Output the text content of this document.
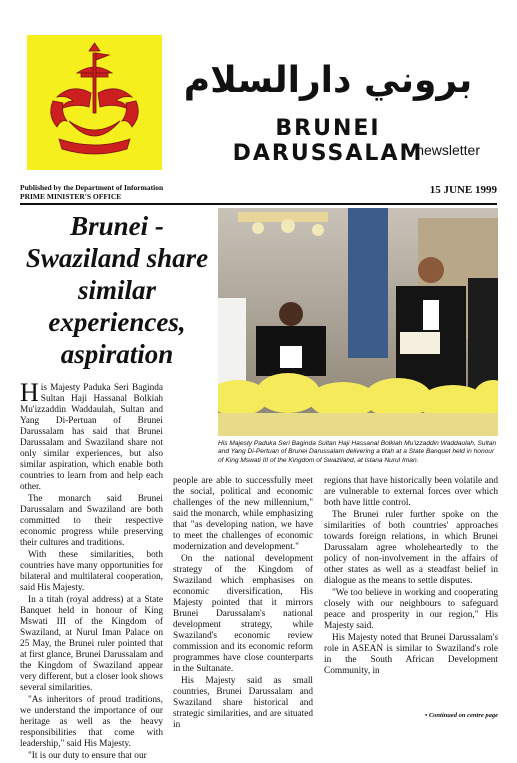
بروني دارالسلام
BRUNEI DARUSSALAM
newsletter
Published by the Department of Information
PRIME MINISTER'S OFFICE
15 JUNE 1999
Brunei - Swaziland share similar experiences, aspiration
His Majesty Paduka Seri Baginda Sultan Haji Hassanal Bolkiah Mu'izzaddin Waddaulah, Sultan and Yang Di-Pertuan of Brunei Darussalam delivering a titah at a State Banquet held in honour of King Mswati III of the Kingdom of Swaziland, at Istana Nurul Iman.

His Majesty Paduka Seri Baginda Sultan Haji Hassanal Bolkiah Mu'izzaddin Waddaulah, Sultan and Yang Di-Pertuan of Brunei Darussalam has said that Brunei Darussalam and Swaziland share not only similar experiences, but also similar aspiration, which enable both countries to learn from and help each other.

The monarch said Brunei Darussalam and Swaziland are both committed to their respective economic progress while preserving their cultures and traditions.

With these similarities, both countries have many opportunities for bilateral and multilateral cooperation, said His Majesty.

In a titah (royal address) at a State Banquet held in honour of King Mswati III of the Kingdom of Swaziland, at Nurul Iman Palace on 25 May, the Brunei ruler pointed that at first glance, Brunei Darussalam and the Kingdom of Swaziland appear very different, but a closer look shows several similarities.

"As inheritors of proud traditions, we understand the importance of our heritage as well as the heavy responsibilities that come with leadership," said His Majesty.

"It is our duty to ensure that our

people are able to successfully meet the social, political and economic challenges of the new millennium," said the monarch, while emphasizing that "as developing nation, we have to meet the challenges of economic modernization and development."

On the national development strategy of the Kingdom of Swaziland which emphasises on economic diversification, His Majesty pointed that it mirrors Brunei Darussalam's national development strategy, while Swaziland's economic review commission and its economic reform programmes have close counterparts in the Sultanate.

His Majesty said as small countries, Brunei Darussalam and Swaziland share historical and strategic similarities, and are situated in

regions that have historically been volatile and are vulnerable to external forces over which both have little control.

The Brunei ruler further spoke on the similarities of both countries' approaches towards foreign relations, in which Brunei Darussalam agree wholeheartedly to the policy of non-involvement in the affairs of other states as well as a steadfast belief in dialogue as the means to settle disputes.

"We too believe in working and cooperating closely with our neighbours to safeguard peace and prosperity in our region," His Majesty said.

His Majesty noted that Brunei Darussalam's role in ASEAN is similar to Swaziland's role in the South African Development Community, in

• Continued on centre page
